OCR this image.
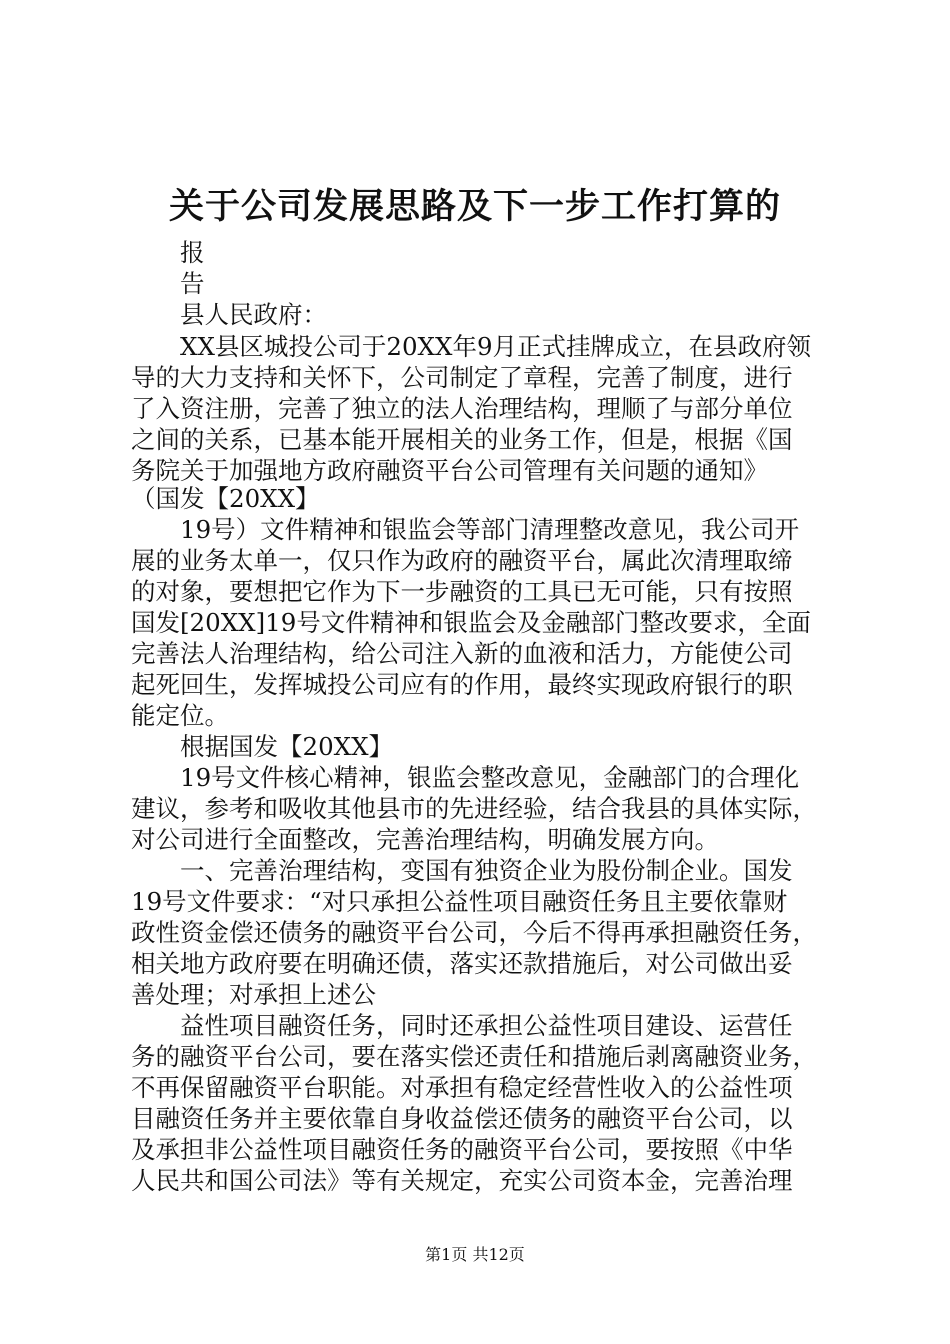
关于公司发展思路及下一步工作打算的
报
告
县人民政府：
XX县区城投公司于20XX年9月正式挂牌成立，在县政府领
导的大力支持和关怀下，公司制定了章程，完善了制度，进行
了入资注册，完善了独立的法人治理结构，理顺了与部分单位
之间的关系，已基本能开展相关的业务工作，但是，根据《国
务院关于加强地方政府融资平台公司管理有关问题的通知》
（国发【20XX】
19号）文件精神和银监会等部门清理整改意见，我公司开
展的业务太单一，仅只作为政府的融资平台，属此次清理取缔
的对象，要想把它作为下一步融资的工具已无可能，只有按照
国发[20XX]19号文件精神和银监会及金融部门整改要求，全面
完善法人治理结构，给公司注入新的血液和活力，方能使公司
起死回生，发挥城投公司应有的作用，最终实现政府银行的职
能定位。
根据国发【20XX】
19号文件核心精神，银监会整改意见，金融部门的合理化
建议，参考和吸收其他县市的先进经验，结合我县的具体实际，
对公司进行全面整改，完善治理结构，明确发展方向。
一、完善治理结构，变国有独资企业为股份制企业。国发
19号文件要求：“对只承担公益性项目融资任务且主要依靠财
政性资金偿还债务的融资平台公司，今后不得再承担融资任务，
相关地方政府要在明确还债，落实还款措施后，对公司做出妥
善处理；对承担上述公
益性项目融资任务，同时还承担公益性项目建设、运营任
务的融资平台公司，要在落实偿还责任和措施后剥离融资业务，
不再保留融资平台职能。对承担有稳定经营性收入的公益性项
目融资任务并主要依靠自身收益偿还债务的融资平台公司，以
及承担非公益性项目融资任务的融资平台公司，要按照《中华
人民共和国公司法》等有关规定，充实公司资本金，完善治理
第1页 共12页
